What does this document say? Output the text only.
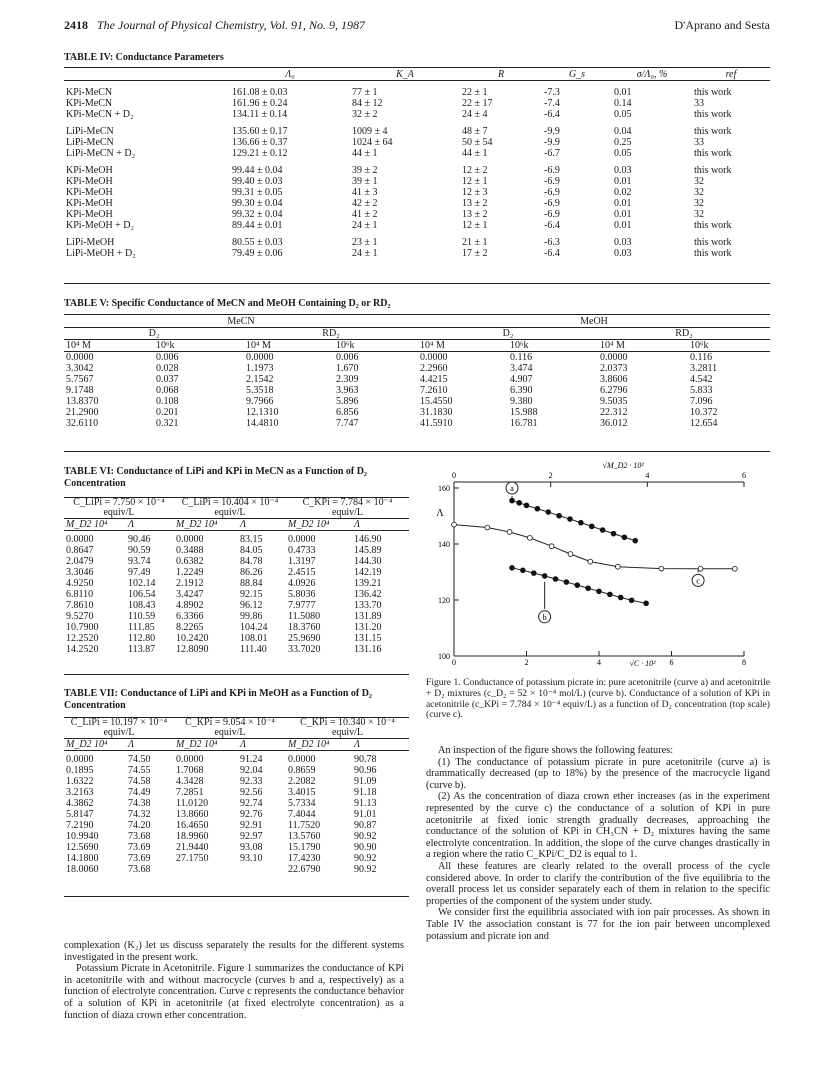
2418 The Journal of Physical Chemistry, Vol. 91, No. 9, 1987	D'Aprano and Sesta
TABLE IV: Conductance Parameters
	Λ₀	K_A	R	G_s	σ/Λ₀, %	ref
KPi-MeCN	161.08 ± 0.03	77 ± 1	22 ± 1	-7.3	0.01	this work
KPi-MeCN	161.96 ± 0.24	84 ± 12	22 ± 17	-7.4	0.14	33
KPi-MeCN + D₂	134.11 ± 0.14	32 ± 2	24 ± 4	-6.4	0.05	this work
LiPi-MeCN	135.60 ± 0.17	1009 ± 4	48 ± 7	-9.9	0.04	this work
LiPi-MeCN	136.66 ± 0.37	1024 ± 64	50 ± 54	-9.9	0.25	33
LiPi-MeCN + D₂	129.21 ± 0.12	44 ± 1	44 ± 1	-6.7	0.05	this work
KPi-MeOH	99.44 ± 0.04	39 ± 2	12 ± 2	-6.9	0.03	this work
KPi-MeOH	99.40 ± 0.03	39 ± 1	12 ± 1	-6.9	0.01	32
KPi-MeOH	99.31 ± 0.05	41 ± 3	12 ± 3	-6.9	0.02	32
KPi-MeOH	99.30 ± 0.04	42 ± 2	13 ± 2	-6.9	0.01	32
KPi-MeOH	99.32 ± 0.04	41 ± 2	13 ± 2	-6.9	0.01	32
KPi-MeOH + D₂	89.44 ± 0.01	24 ± 1	12 ± 1	-6.4	0.01	this work
LiPi-MeOH	80.55 ± 0.03	23 ± 1	21 ± 1	-6.3	0.03	this work
LiPi-MeOH + D₂	79.49 ± 0.06	24 ± 1	17 ± 2	-6.4	0.03	this work
TABLE V: Specific Conductance of MeCN and MeOH Containing D₂ or RD₂
MeCN				MeOH			
D₂		RD₂		D₂		RD₂	
10⁴ M	10⁶k	10⁴ M	10⁶k	10⁴ M	10⁶k	10⁴ M	10⁶k
0.0000	0.006	0.0000	0.006	0.0000	0.116	0.0000	0.116
3.3042	0.028	1.1973	1.670	2.2960	3.474	2.0373	3.2811
5.7567	0.037	2.1542	2.309	4.4215	4.907	3.8606	4.542
9.1748	0.068	5.3518	3.963	7.2610	6.390	6.2796	5.833
13.8370	0.108	9.7966	5.896	15.4550	9.380	9.5035	7.096
21.2900	0.201	12.1310	6.856	31.1830	15.988	22.312	10.372
32.6110	0.321	14.4810	7.747	41.5910	16.781	36.012	12.654
TABLE VI: Conductance of LiPi and KPi in MeCN as a Function of D₂ Concentration
C_LiPi = 7.750 × 10⁻⁴ equiv/L		C_LiPi = 10.404 × 10⁻⁴ equiv/L		C_KPi = 7.784 × 10⁻⁴ equiv/L	
M_D2 10⁴	Λ	M_D2 10⁴	Λ	M_D2 10⁴	Λ
0.0000	90.46	0.0000	83.15	0.0000	146.90
0.8647	90.59	0.3488	84.05	0.4733	145.89
2.0479	93.74	0.6382	84.78	1.3197	144.30
3.3046	97.49	1.2249	86.26	2.4515	142.19
4.9250	102.14	2.1912	88.84	4.0926	139.21
6.8110	106.54	3.4247	92.15	5.8036	136.42
7.8610	108.43	4.8902	96.12	7.9777	133.70
9.5270	110.59	6.3366	99.86	11.5080	131.89
10.7900	111.85	8.2265	104.24	18.3760	131.20
12.2520	112.80	10.2420	108.01	25.9690	131.15
14.2520	113.87	12.8090	111.40	33.7020	131.16
TABLE VII: Conductance of LiPi and KPi in MeOH as a Function of D₂ Concentration
C_LiPi = 10.197 × 10⁻⁴ equiv/L		C_KPi = 9.054 × 10⁻⁴ equiv/L		C_KPi = 10.340 × 10⁻⁴ equiv/L	
M_D2 10⁴	Λ	M_D2 10⁴	Λ	M_D2 10⁴	Λ
0.0000	74.50	0.0000	91.24	0.0000	90.78
0.1895	74.55	1.7068	92.04	0.8659	90.96
1.6322	74.58	4.3428	92.33	2.2082	91.09
3.2163	74.49	7.2851	92.56	3.4015	91.18
4.3862	74.38	11.0120	92.74	5.7334	91.13
5.8147	74.32	13.8660	92.76	7.4044	91.01
7.2190	74.20	16.4650	92.91	11.7520	90.87
10.9940	73.68	18.9960	92.97	13.5760	90.92
12.5690	73.69	21.9440	93.08	15.1790	90.90
14.1800	73.69	27.1750	93.10	17.4230	90.92
18.0060	73.68			22.6790	90.92
160
140
120
100
0	2	4	6	8
0	2	4	6
√M_D2 · 10²
√C · 10²
Λ
a
b
c
Figure 1. Conductance of potassium picrate in: pure acetonitrile (curve a) and acetonitrile + D₂ mixtures (c_D₂ = 52 × 10⁻⁴ mol/L) (curve b). Conductance of a solution of KPi in acetonitrile (c_KPi = 7.784 × 10⁻⁴ equiv/L) as a function of D₂ concentration (top scale) (curve c).

complexation (K₂) let us discuss separately the results for the different systems investigated in the present work.

Potassium Picrate in Acetonitrile. Figure 1 summarizes the conductance of KPi in acetonitrile with and without macrocycle (curves b and a, respectively) as a function of electrolyte concentration. Curve c represents the conductance behavior of a solution of KPi in acetonitrile (at fixed electrolyte concentration) as a function of diaza crown ether concentration.

An inspection of the figure shows the following features:

(1) The conductance of potassium picrate in pure acetonitrile (curve a) is drammatically decreased (up to 18%) by the presence of the macrocycle ligand (curve b).

(2) As the concentration of diaza crown ether increases (as in the experiment represented by the curve c) the conductance of a solution of KPi in pure acetonitrile at fixed ionic strength gradually decreases, approaching the conductance of the solution of KPi in CH₃CN + D₂ mixtures having the same electrolyte concentration. In addition, the slope of the curve changes drastically in a region where the ratio C_KPi/C_D2 is equal to 1.

All these features are clearly related to the overall process of the cycle considered above. In order to clarify the contribution of the five equilibria to the overall process let us consider separately each of them in relation to the specific properties of the component of the system under study.

We consider first the equilibria associated with ion pair processes. As shown in Table IV the association constant is 77 for the ion pair between uncomplexed potassium and picrate ion and
